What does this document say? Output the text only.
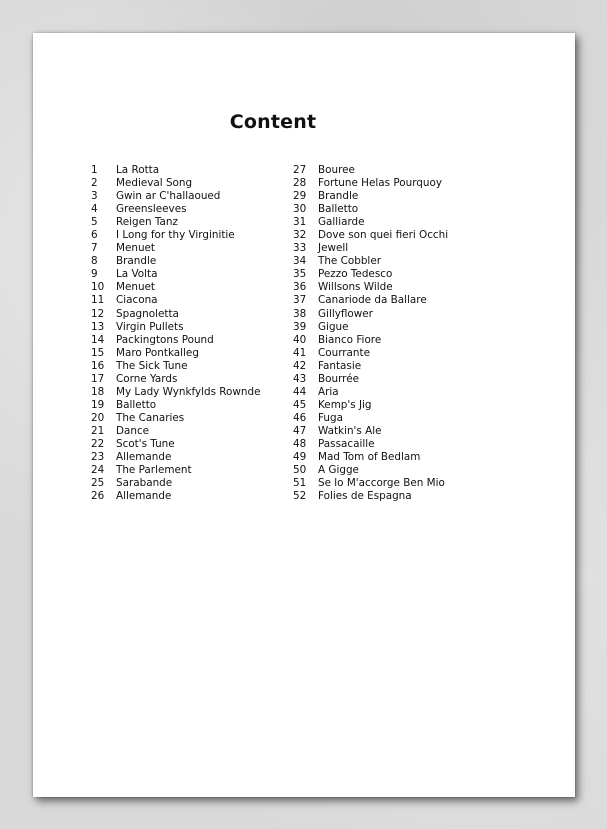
Content
1	La Rotta
2	Medieval Song
3	Gwin ar C'hallaoued
4	Greensleeves
5	Reigen Tanz
6	I Long for thy Virginitie
7	Menuet
8	Brandle
9	La Volta
10	Menuet
11	Ciacona
12	Spagnoletta
13	Virgin Pullets
14	Packingtons Pound
15	Maro Pontkalleg
16	The Sick Tune
17	Corne Yards
18	My Lady Wynkfylds Rownde
19	Balletto
20	The Canaries
21	Dance
22	Scot's Tune
23	Allemande
24	The Parlement
25	Sarabande
26	Allemande
27	Bouree
28	Fortune Helas Pourquoy
29	Brandle
30	Balletto
31	Galliarde
32	Dove son quei fieri Occhi
33	Jewell
34	The Cobbler
35	Pezzo Tedesco
36	Willsons Wilde
37	Canariode da Ballare
38	Gillyflower
39	Gigue
40	Bianco Fiore
41	Courrante
42	Fantasie
43	Bourrée
44	Aria
45	Kemp's Jig
46	Fuga
47	Watkin's Ale
48	Passacaille
49	Mad Tom of Bedlam
50	A Gigge
51	Se lo M'accorge Ben Mio
52	Folies de Espagna
